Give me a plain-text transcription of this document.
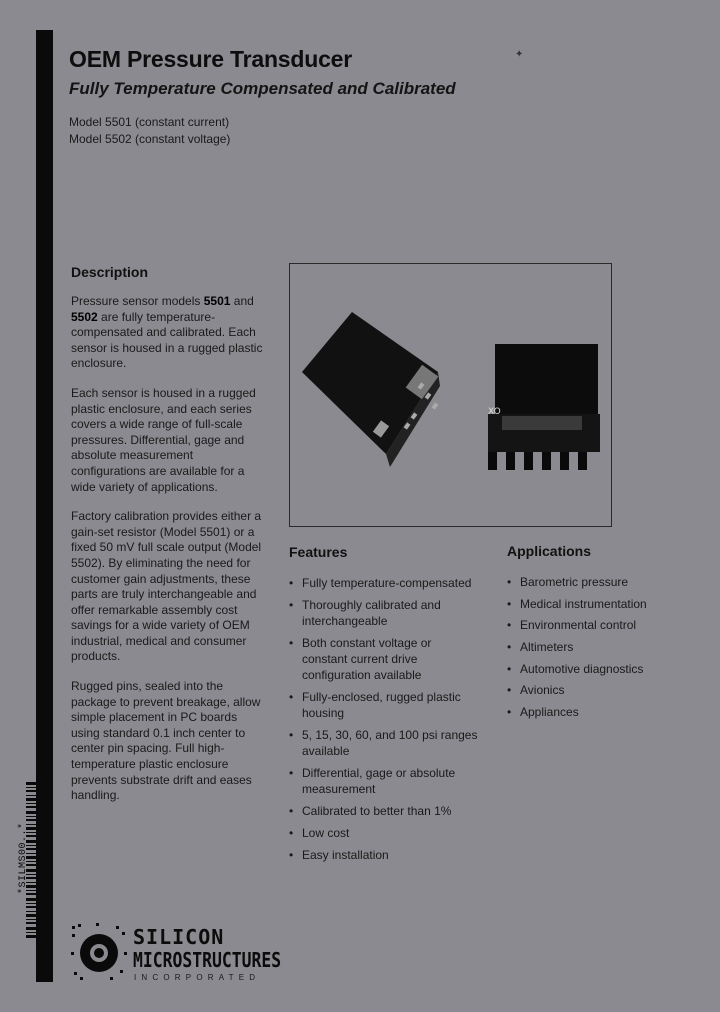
✦
OEM Pressure Transducer
Fully Temperature Compensated and Calibrated
Model 5501 (constant current)
Model 5502 (constant voltage)
Description

Pressure sensor models 5501 and 5502 are fully temperature-compensated and calibrated. Each sensor is housed in a rugged plastic enclosure.

Each sensor is housed in a rugged plastic enclosure, and each series covers a wide range of full-scale pressures. Differential, gage and absolute measurement configurations are available for a wide variety of applications.

Factory calibration provides either a gain-set resistor (Model 5501) or a fixed 50 mV full scale output (Model 5502). By eliminating the need for customer gain adjustments, these parts are truly interchangeable and offer remarkable assembly cost savings for a wide variety of OEM industrial, medical and consumer products.

Rugged pins, sealed into the package to prevent breakage, allow simple placement in PC boards using standard 0.1 inch center to center pin spacing. Full high-temperature plastic enclosure prevents substrate drift and eases handling.

XO
Features
• Fully temperature-compensated
• Thoroughly calibrated and interchangeable
• Both constant voltage or constant current drive configuration available
• Fully-enclosed, rugged plastic housing
• 5, 15, 30, 60, and 100 psi ranges available
• Differential, gage or absolute measurement
• Calibrated to better than 1%
• Low cost
• Easy installation
Applications
• Barometric pressure
• Medical instrumentation
• Environmental control
• Altimeters
• Automotive diagnostics
• Avionics
• Appliances
*SILMS00..*

SILICON

MICROSTRUCTURES

INCORPORATED
